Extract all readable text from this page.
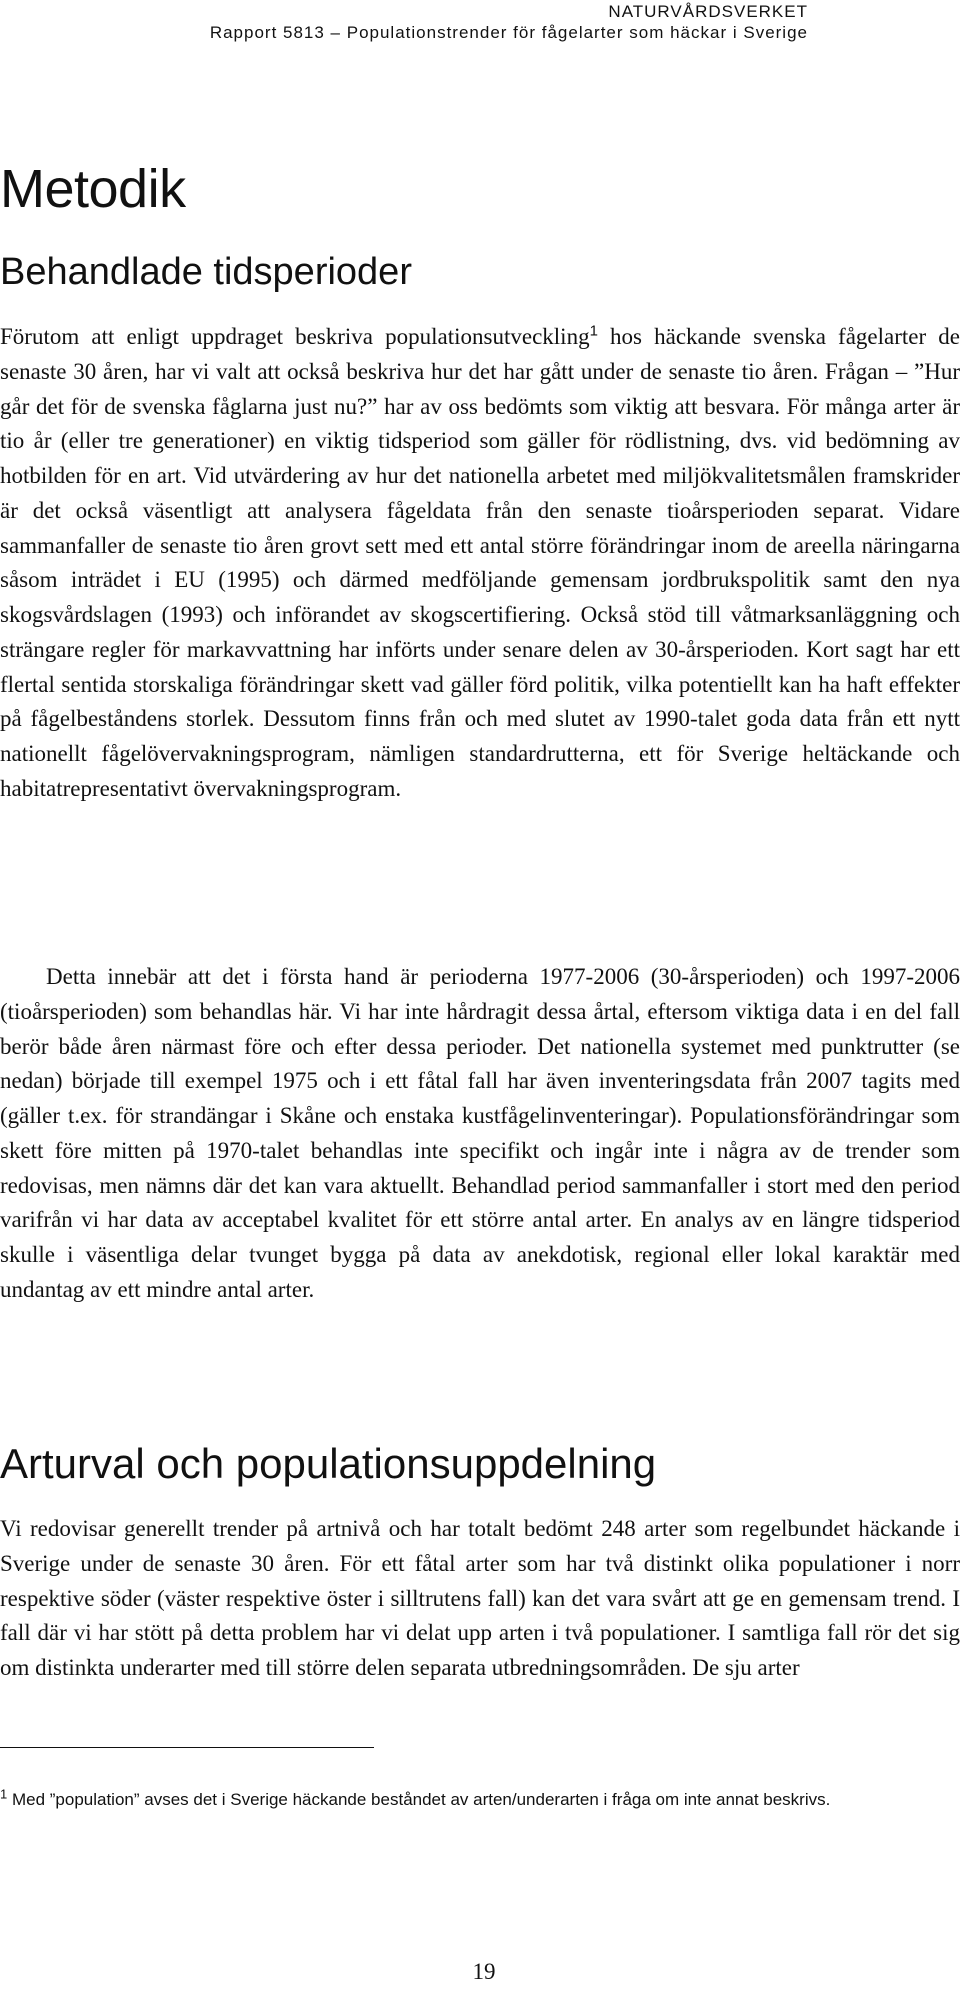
NATURVÅRDSVERKET
Rapport 5813 – Populationstrender för fågelarter som häckar i Sverige
Metodik
Behandlade tidsperioder

Förutom att enligt uppdraget beskriva populationsutveckling$^1$ hos häckande svenska fågelarter de senaste 30 åren, har vi valt att också beskriva hur det har gått under de senaste tio åren. Frågan – ”Hur går det för de svenska fåglarna just nu?” har av oss bedömts som viktig att besvara. För många arter är tio år (eller tre generationer) en viktig tidsperiod som gäller för rödlistning, dvs. vid bedömning av hotbilden för en art. Vid utvärdering av hur det nationella arbetet med miljökvalitetsmålen framskrider är det också väsentligt att analysera fågeldata från den senaste tioårsperioden separat. Vidare sammanfaller de senaste tio åren grovt sett med ett antal större förändringar inom de areella näringarna såsom inträdet i EU (1995) och därmed medföljande gemensam jordbrukspolitik samt den nya skogsvårdslagen (1993) och införandet av skogscertifiering. Också stöd till våtmarksanläggning och strängare regler för markavvattning har införts under senare delen av 30-årsperioden. Kort sagt har ett flertal sentida storskaliga förändringar skett vad gäller förd politik, vilka potentiellt kan ha haft effekter på fågelbeståndens storlek. Dessutom finns från och med slutet av 1990-talet goda data från ett nytt nationellt fågelövervakningsprogram, nämligen standardrutterna, ett för Sverige heltäckande och habitatrepresentativt övervakningsprogram.

Detta innebär att det i första hand är perioderna 1977-2006 (30-årsperioden) och 1997-2006 (tioårsperioden) som behandlas här. Vi har inte hårdragit dessa årtal, eftersom viktiga data i en del fall berör både åren närmast före och efter dessa perioder. Det nationella systemet med punktrutter (se nedan) började till exempel 1975 och i ett fåtal fall har även inventeringsdata från 2007 tagits med (gäller t.ex. för strandängar i Skåne och enstaka kustfågelinventeringar). Populationsförändringar som skett före mitten på 1970-talet behandlas inte specifikt och ingår inte i några av de trender som redovisas, men nämns där det kan vara aktuellt. Behandlad period sammanfaller i stort med den period varifrån vi har data av acceptabel kvalitet för ett större antal arter. En analys av en längre tidsperiod skulle i väsentliga delar tvunget bygga på data av anekdotisk, regional eller lokal karaktär med undantag av ett mindre antal arter.

Arturval och populationsuppdelning

Vi redovisar generellt trender på artnivå och har totalt bedömt 248 arter som regelbundet häckande i Sverige under de senaste 30 åren. För ett fåtal arter som har två distinkt olika populationer i norr respektive söder (väster respektive öster i silltrutens fall) kan det vara svårt att ge en gemensam trend. I fall där vi har stött på detta problem har vi delat upp arten i två populationer. I samtliga fall rör det sig om distinkta underarter med till större delen separata utbredningsområden. De sju arter

$^1$ Med ”population” avses det i Sverige häckande beståndet av arten/underarten i fråga om inte annat beskrivs.
19
